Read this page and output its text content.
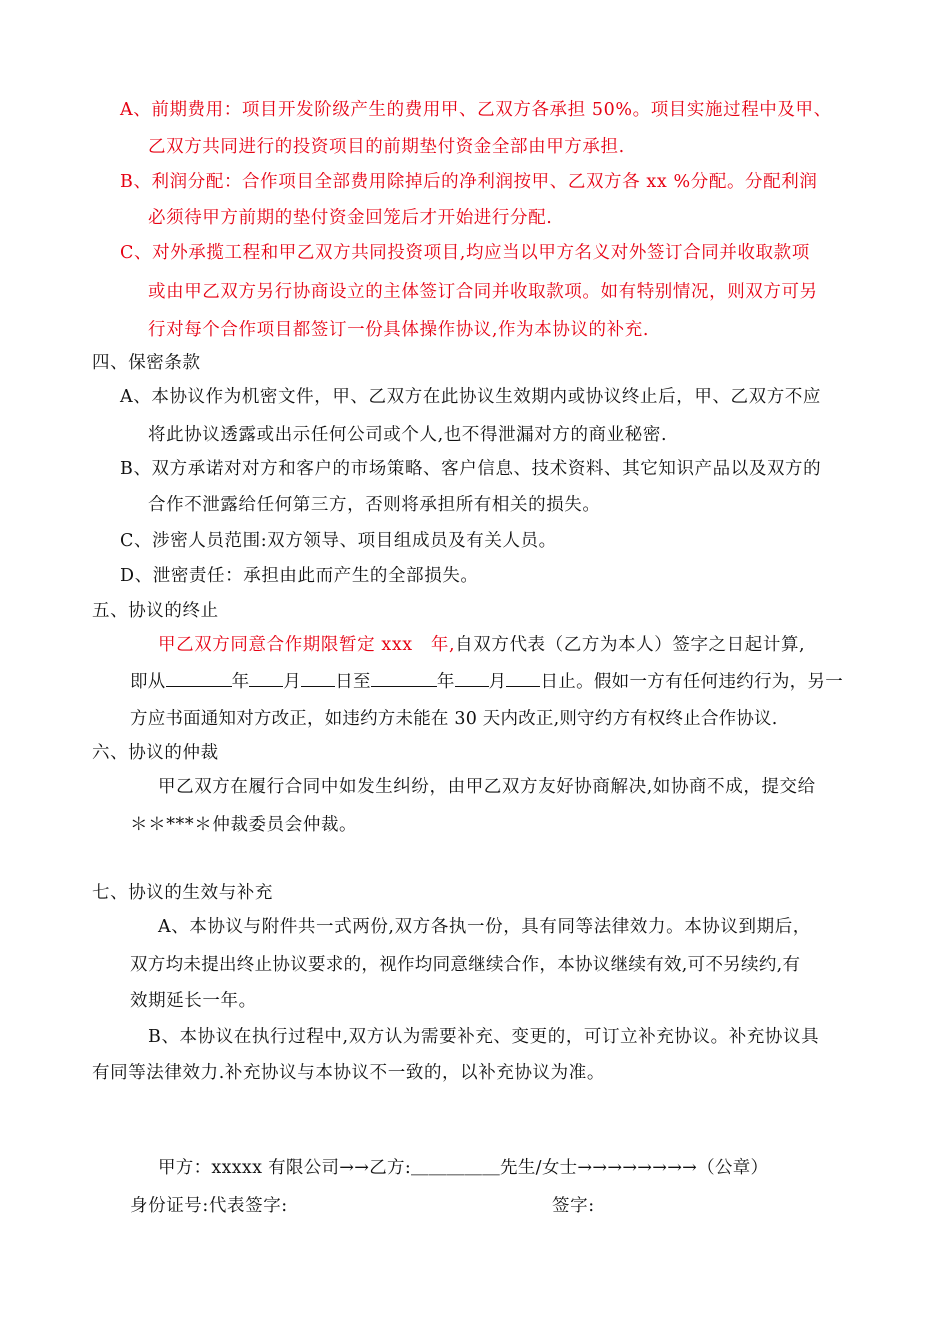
A、前期费用：项目开发阶级产生的费用甲、乙双方各承担 50%。项目实施过程中及甲、
乙双方共同进行的投资项目的前期垫付资金全部由甲方承担.
B、利润分配：合作项目全部费用除掉后的净利润按甲、乙双方各 xx %分配。分配利润
必须待甲方前期的垫付资金回笼后才开始进行分配.
C、对外承揽工程和甲乙双方共同投资项目,均应当以甲方名义对外签订合同并收取款项
或由甲乙双方另行协商设立的主体签订合同并收取款项。如有特别情况，则双方可另
行对每个合作项目都签订一份具体操作协议,作为本协议的补充.
四、保密条款
A、本协议作为机密文件，甲、乙双方在此协议生效期内或协议终止后，甲、乙双方不应
将此协议透露或出示任何公司或个人,也不得泄漏对方的商业秘密.
B、双方承诺对对方和客户的市场策略、客户信息、技术资料、其它知识产品以及双方的
合作不泄露给任何第三方，否则将承担所有相关的损失。
C、涉密人员范围:双方领导、项目组成员及有关人员。
D、泄密责任：承担由此而产生的全部损失。
五、协议的终止
甲乙双方同意合作期限暂定 xxx　年,自双方代表（乙方为本人）签字之日起计算,
即从	年 月 日至	年 月 日止。假如一方有任何违约行为，另一
方应书面通知对方改正，如违约方未能在 30 天内改正,则守约方有权终止合作协议.
六、协议的仲裁
甲乙双方在履行合同中如发生纠纷，由甲乙双方友好协商解决,如协商不成，提交给
＊＊***＊仲裁委员会仲裁。
七、协议的生效与补充
A、本协议与附件共一式两份,双方各执一份，具有同等法律效力。本协议到期后，
双方均未提出终止协议要求的，视作均同意继续合作，本协议继续有效,可不另续约,有
效期延长一年。
B、本协议在执行过程中,双方认为需要补充、变更的，可订立补充协议。补充协议具
有同等法律效力.补充协议与本协议不一致的，以补充协议为准。
甲方：xxxxx 有限公司→→乙方:＿＿＿＿＿先生/女士→→→→→→→→（公章）
身份证号:代表签字:	签字:
